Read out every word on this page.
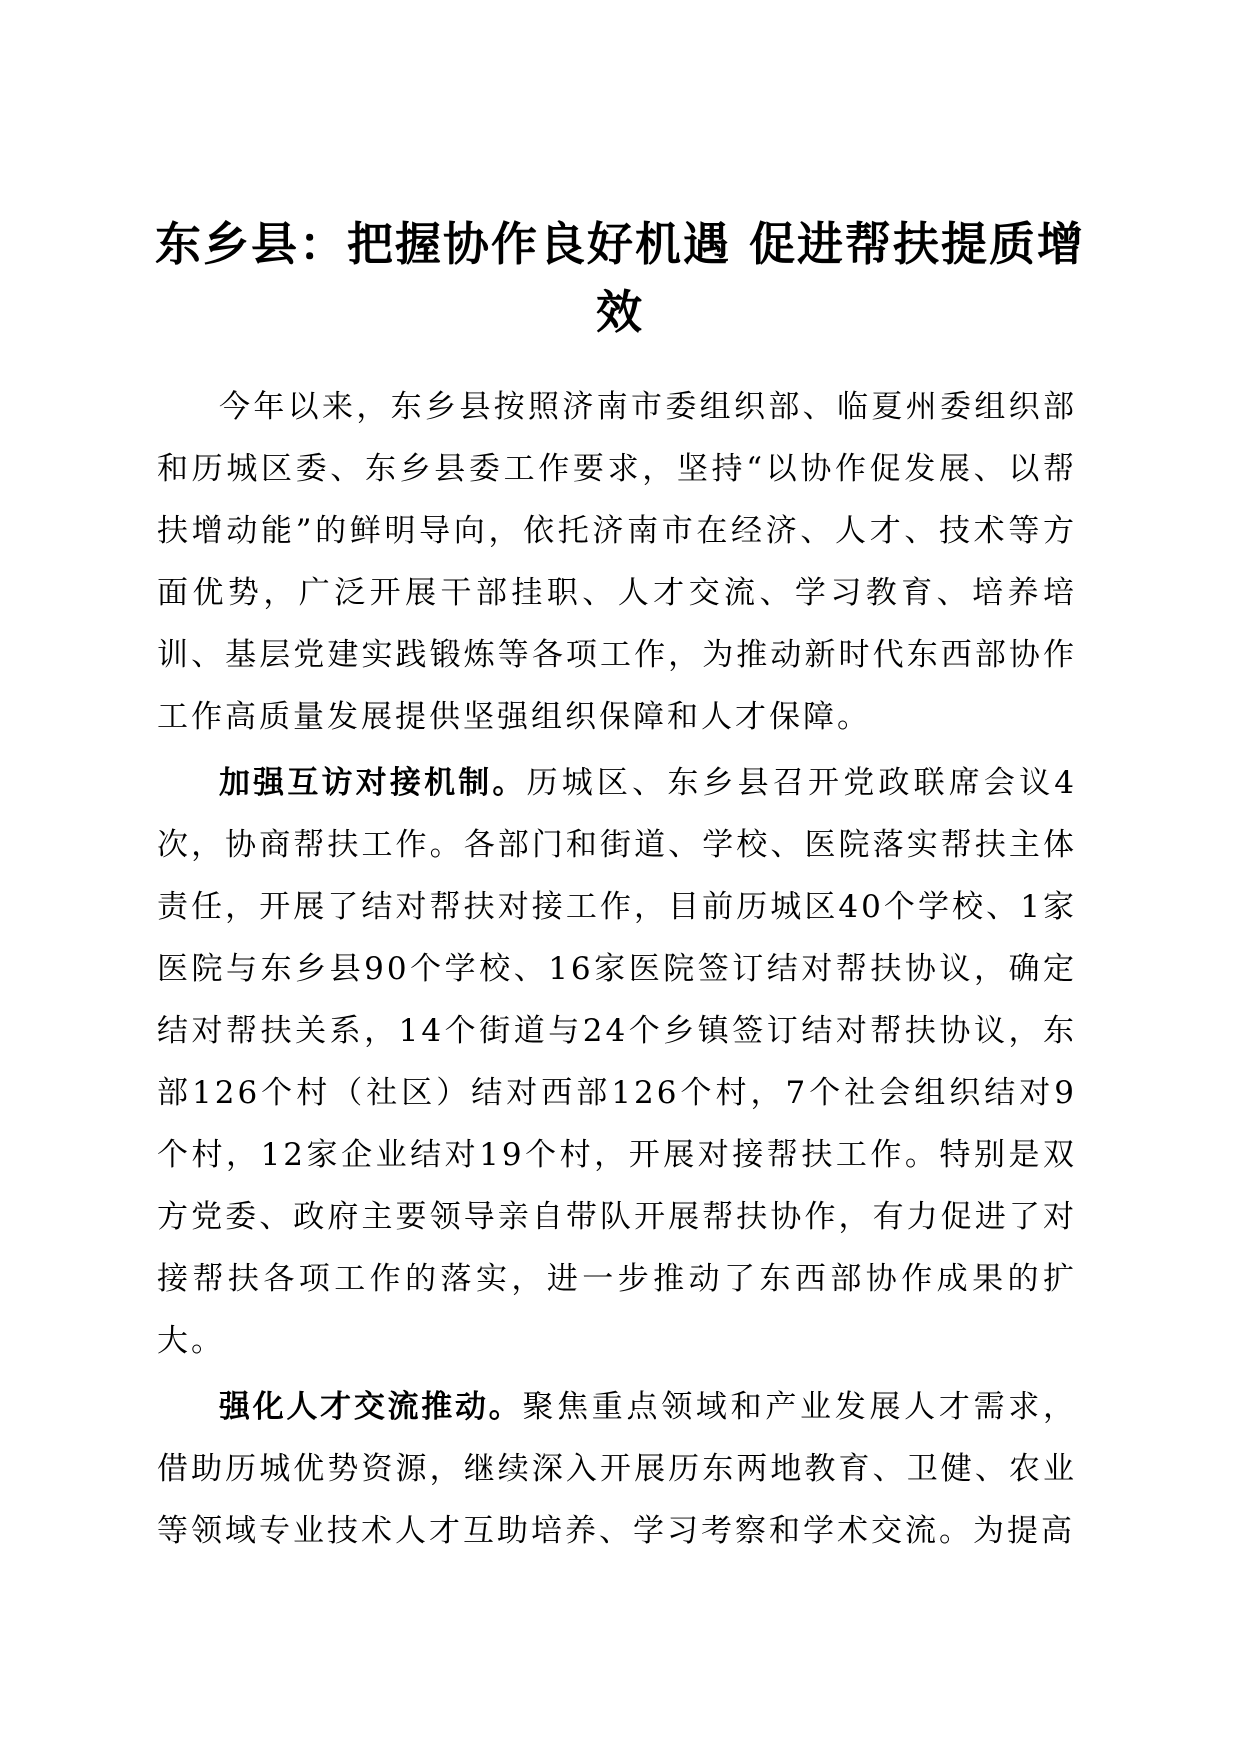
东乡县：把握协作良好机遇 促进帮扶提质增效

今年以来，东乡县按照济南市委组织部、临夏州委组织部和历城区委、东乡县委工作要求，坚持“以协作促发展、以帮扶增动能”的鲜明导向，依托济南市在经济、人才、技术等方面优势，广泛开展干部挂职、人才交流、学习教育、培养培训、基层党建实践锻炼等各项工作，为推动新时代东西部协作工作高质量发展提供坚强组织保障和人才保障。

加强互访对接机制。历城区、东乡县召开党政联席会议4次，协商帮扶工作。各部门和街道、学校、医院落实帮扶主体责任，开展了结对帮扶对接工作，目前历城区40个学校、1家医院与东乡县90个学校、16家医院签订结对帮扶协议，确定结对帮扶关系，14个街道与24个乡镇签订结对帮扶协议，东部126个村（社区）结对西部126个村，7个社会组织结对9个村，12家企业结对19个村，开展对接帮扶工作。特别是双方党委、政府主要领导亲自带队开展帮扶协作，有力促进了对接帮扶各项工作的落实，进一步推动了东西部协作成果的扩大。

强化人才交流推动。聚焦重点领域和产业发展人才需求，借助历城优势资源，继续深入开展历东两地教育、卫健、农业等领域专业技术人才互助培养、学习考察和学术交流。为提高
